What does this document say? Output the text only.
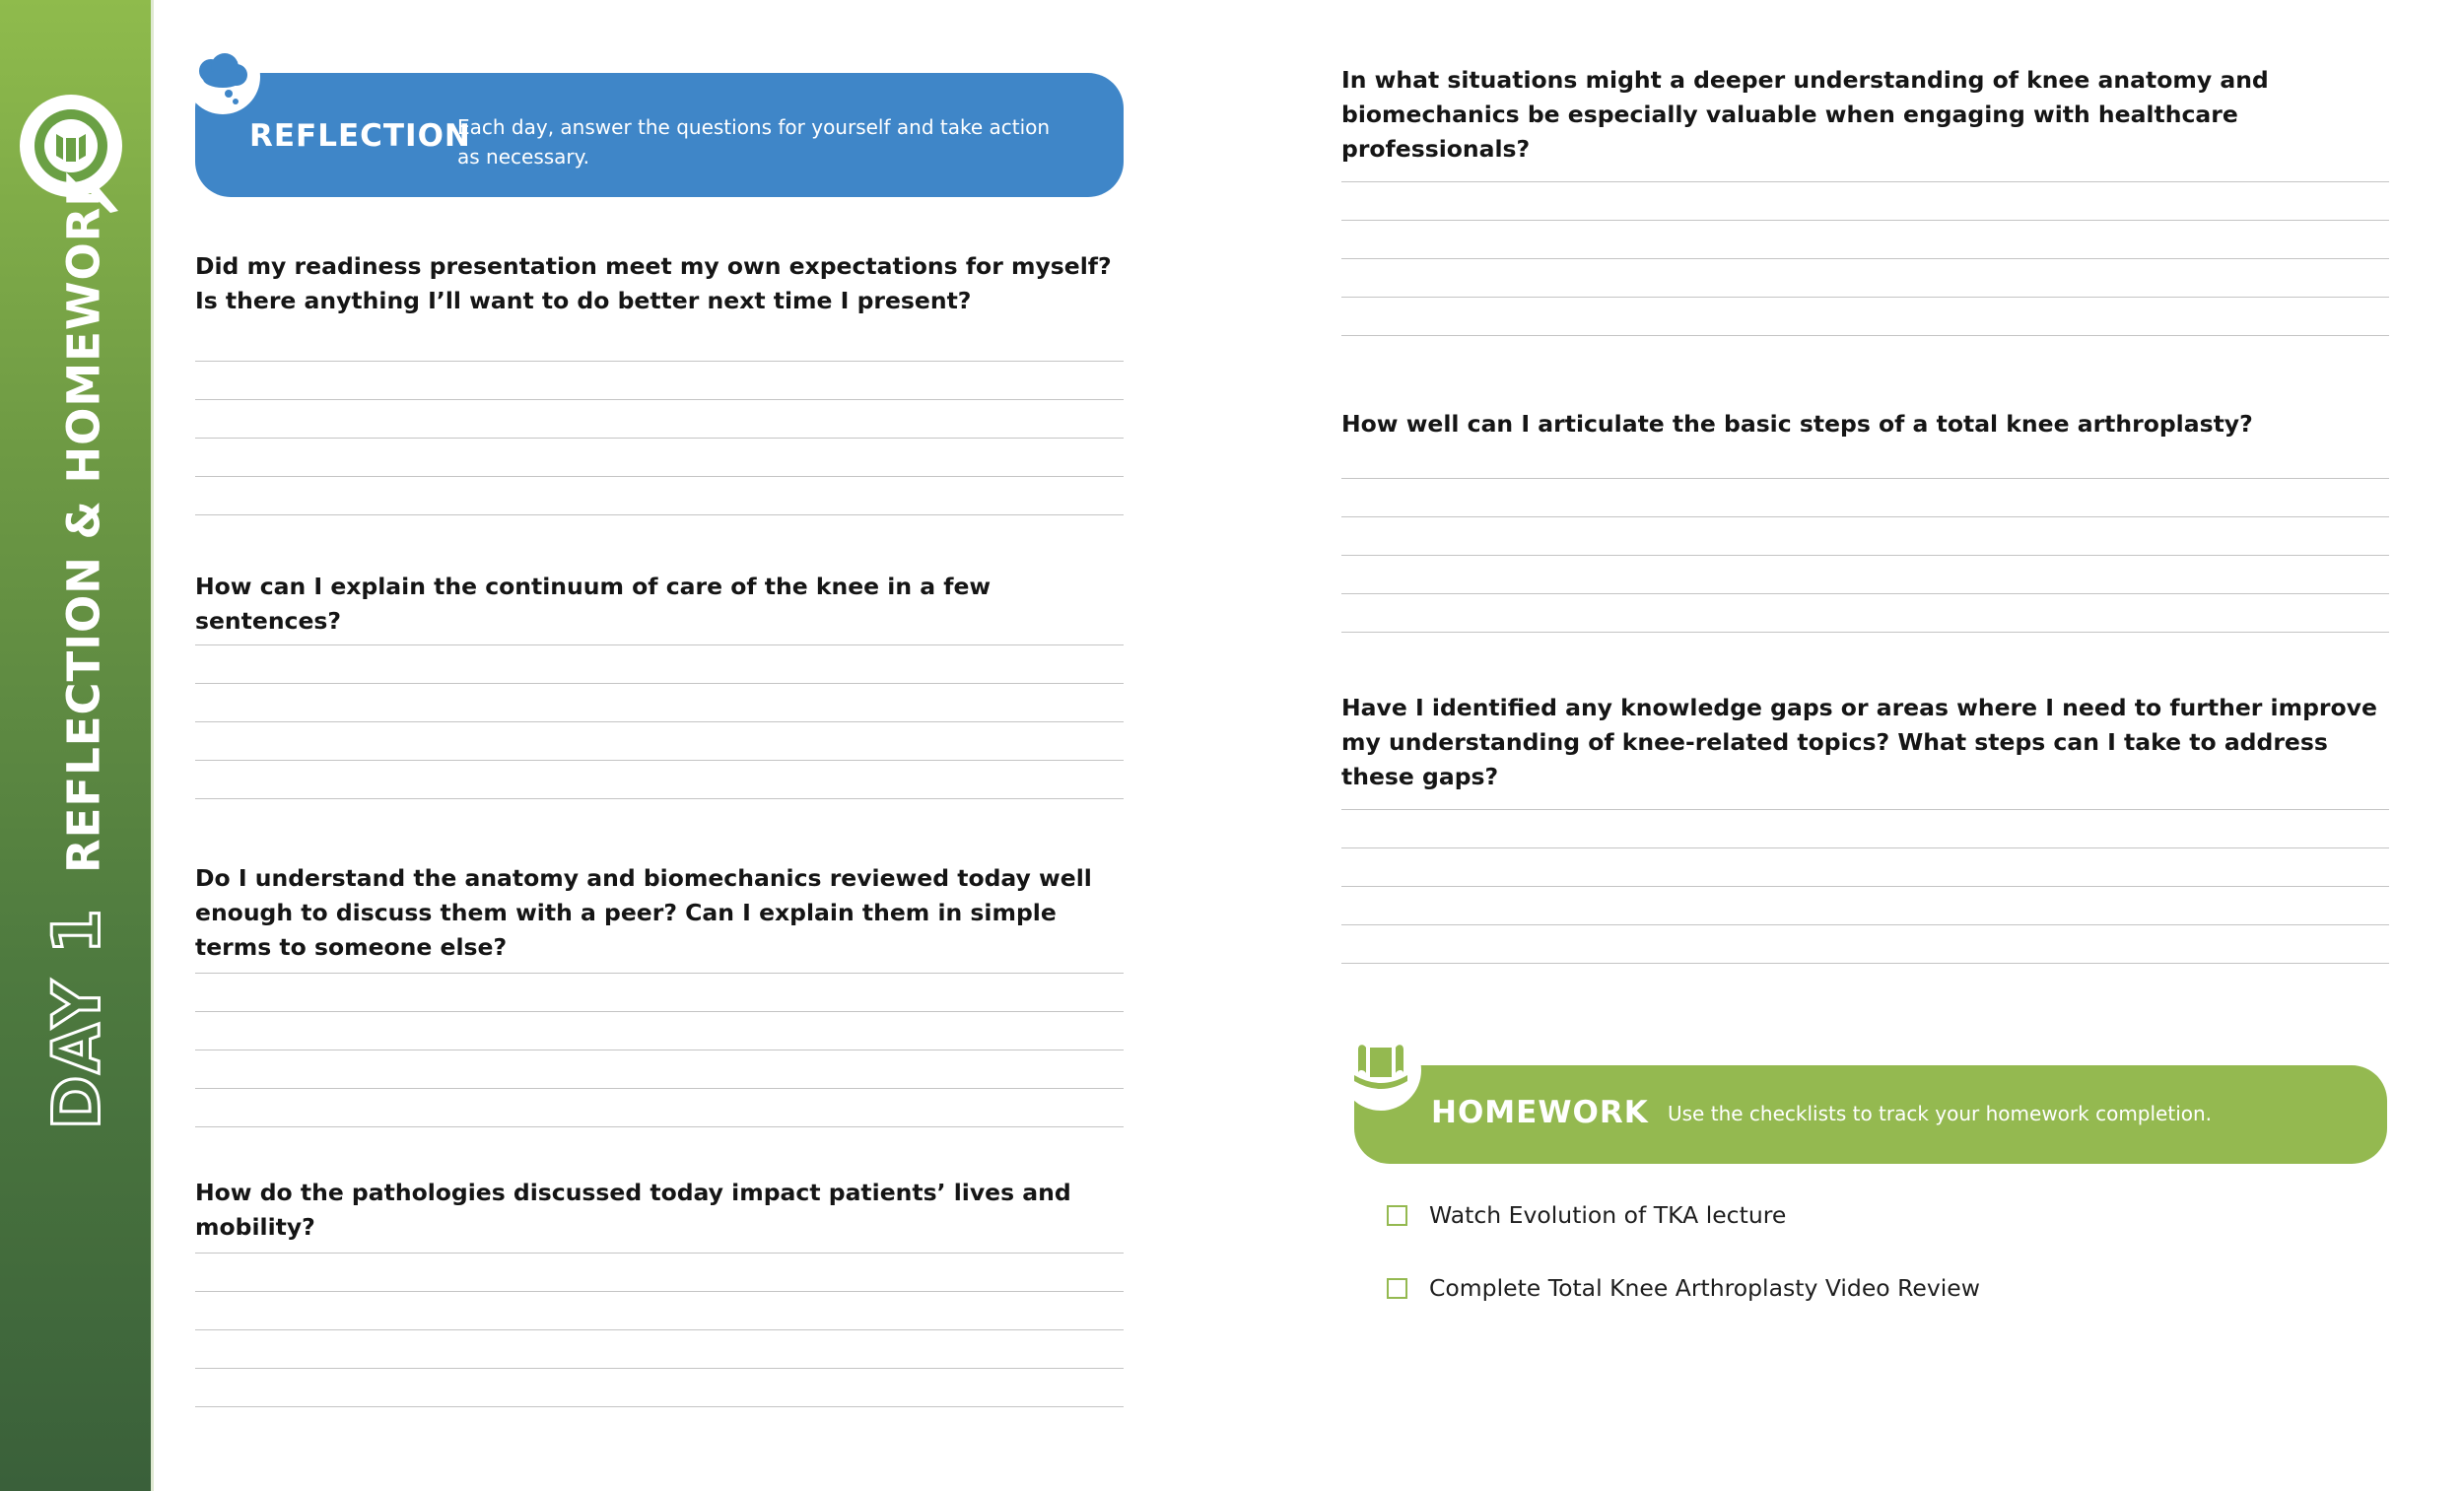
DAY 1REFLECTION & HOMEWORK
REFLECTION
Each day, answer the questions for yourself and take action as necessary.
Did my readiness presentation meet my own expectations for myself? Is there anything I’ll want to do better next time I present?
How can I explain the continuum of care of the knee in a few sentences?
Do I understand the anatomy and biomechanics reviewed today well enough to discuss them with a peer? Can I explain them in simple terms to someone else?
How do the pathologies discussed today impact patients’ lives and mobility?
In what situations might a deeper understanding of knee anatomy and biomechanics be especially valuable when engaging with healthcare professionals?
How well can I articulate the basic steps of a total knee arthroplasty?
Have I identified any knowledge gaps or areas where I need to further improve my understanding of knee-related topics? What steps can I take to address these gaps?
HOMEWORK Use the checklists to track your homework completion.
Watch Evolution of TKA lecture
Complete Total Knee Arthroplasty Video Review
